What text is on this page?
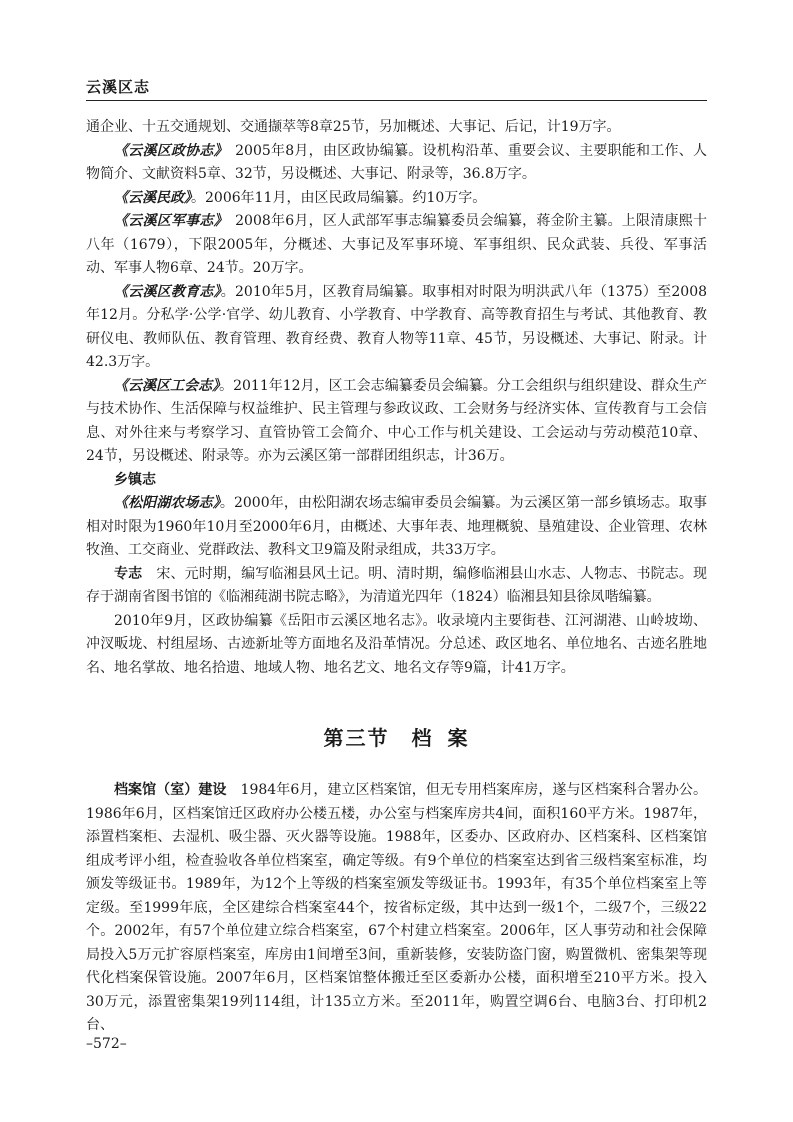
云溪区志

通企业、十五交通规划、交通撷萃等8章25节，另加概述、大事记、后记，计19万字。

《云溪区政协志》　2005年8月，由区政协编纂。设机构沿革、重要会议、主要职能和工作、人物简介、文献资料5章、32节，另设概述、大事记、附录等，36.8万字。

《云溪民政》。2006年11月，由区民政局编纂。约10万字。

《云溪区军事志》　2008年6月，区人武部军事志编纂委员会编纂，蒋金阶主纂。上限清康熙十八年（1679），下限2005年，分概述、大事记及军事环境、军事组织、民众武装、兵役、军事活动、军事人物6章、24节。20万字。

《云溪区教育志》。2010年5月，区教育局编纂。取事相对时限为明洪武八年（1375）至2008年12月。分私学·公学·官学、幼儿教育、小学教育、中学教育、高等教育招生与考试、其他教育、教研仪电、教师队伍、教育管理、教育经费、教育人物等11章、45节，另设概述、大事记、附录。计42.3万字。

《云溪区工会志》。2011年12月，区工会志编纂委员会编纂。分工会组织与组织建设、群众生产与技术协作、生活保障与权益维护、民主管理与参政议政、工会财务与经济实体、宣传教育与工会信息、对外往来与考察学习、直管协管工会简介、中心工作与机关建设、工会运动与劳动模范10章、24节，另设概述、附录等。亦为云溪区第一部群团组织志，计36万。

乡镇志

《松阳湖农场志》。2000年，由松阳湖农场志编审委员会编纂。为云溪区第一部乡镇场志。取事相对时限为1960年10月至2000年6月，由概述、大事年表、地理概貌、垦殖建设、企业管理、农林牧渔、工交商业、党群政法、教科文卫9篇及附录组成，共33万字。

专志　宋、元时期，编写临湘县风土记。明、清时期，编修临湘县山水志、人物志、书院志。现存于湖南省图书馆的《临湘莼湖书院志略》，为清道光四年（1824）临湘县知县徐凤喈编纂。

2010年9月，区政协编纂《岳阳市云溪区地名志》。收录境内主要街巷、江河湖港、山岭坡坳、冲汊畈垅、村组屋场、古迹新址等方面地名及沿革情况。分总述、政区地名、单位地名、古迹名胜地名、地名掌故、地名拾遗、地域人物、地名艺文、地名文存等9篇，计41万字。

第三节 档 案

档案馆（室）建设　1984年6月，建立区档案馆，但无专用档案库房，遂与区档案科合署办公。1986年6月，区档案馆迁区政府办公楼五楼，办公室与档案库房共4间，面积160平方米。1987年，添置档案柜、去湿机、吸尘器、灭火器等设施。1988年，区委办、区政府办、区档案科、区档案馆组成考评小组，检查验收各单位档案室，确定等级。有9个单位的档案室达到省三级档案室标准，均颁发等级证书。1989年，为12个上等级的档案室颁发等级证书。1993年，有35个单位档案室上等定级。至1999年底，全区建综合档案室44个，按省标定级，其中达到一级1个，二级7个，三级22个。2002年，有57个单位建立综合档案室，67个村建立档案室。2006年，区人事劳动和社会保障局投入5万元扩容原档案室，库房由1间增至3间，重新装修，安装防盗门窗，购置微机、密集架等现代化档案保管设施。2007年6月，区档案馆整体搬迁至区委新办公楼，面积增至210平方米。投入30万元，添置密集架19列114组，计135立方米。至2011年，购置空调6台、电脑3台、打印机2台、

–572–
